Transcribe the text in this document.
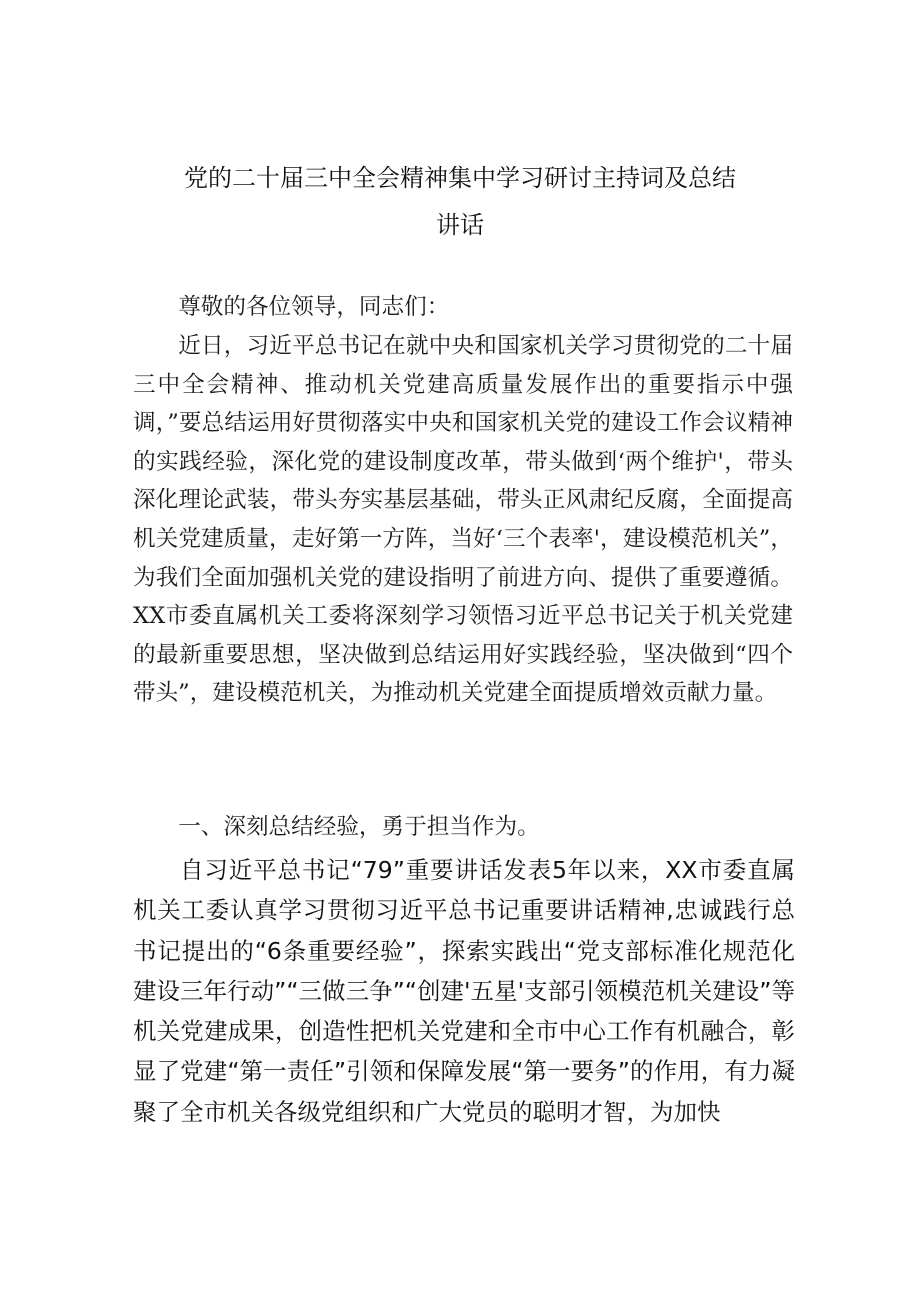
党的二十届三中全会精神集中学习研讨主持词及总结
讲话

尊敬的各位领导，同志们：

近日，习近平总书记在就中央和国家机关学习贯彻党的二十届三中全会精神、推动机关党建高质量发展作出的重要指示中强调，”要总结运用好贯彻落实中央和国家机关党的建设工作会议精神的实践经验，深化党的建设制度改革，带头做到‘两个维护'，带头深化理论武装，带头夯实基层基础，带头正风肃纪反腐，全面提高机关党建质量，走好第一方阵，当好‘三个表率'，建设模范机关”，为我们全面加强机关党的建设指明了前进方向、提供了重要遵循。XX市委直属机关工委将深刻学习领悟习近平总书记关于机关党建的最新重要思想，坚决做到总结运用好实践经验，坚决做到“四个带头”，建设模范机关，为推动机关党建全面提质增效贡献力量。

一、深刻总结经验，勇于担当作为。

自习近平总书记“79”重要讲话发表5年以来，XX市委直属机关工委认真学习贯彻习近平总书记重要讲话精神,忠诚践行总书记提出的“6条重要经验”，探索实践出“党支部标准化规范化建设三年行动”“三做三争”“创建'五星'支部引领模范机关建设”等机关党建成果，创造性把机关党建和全市中心工作有机融合，彰显了党建“第一责任”引领和保障发展“第一要务”的作用，有力凝聚了全市机关各级党组织和广大党员的聪明才智，为加快
